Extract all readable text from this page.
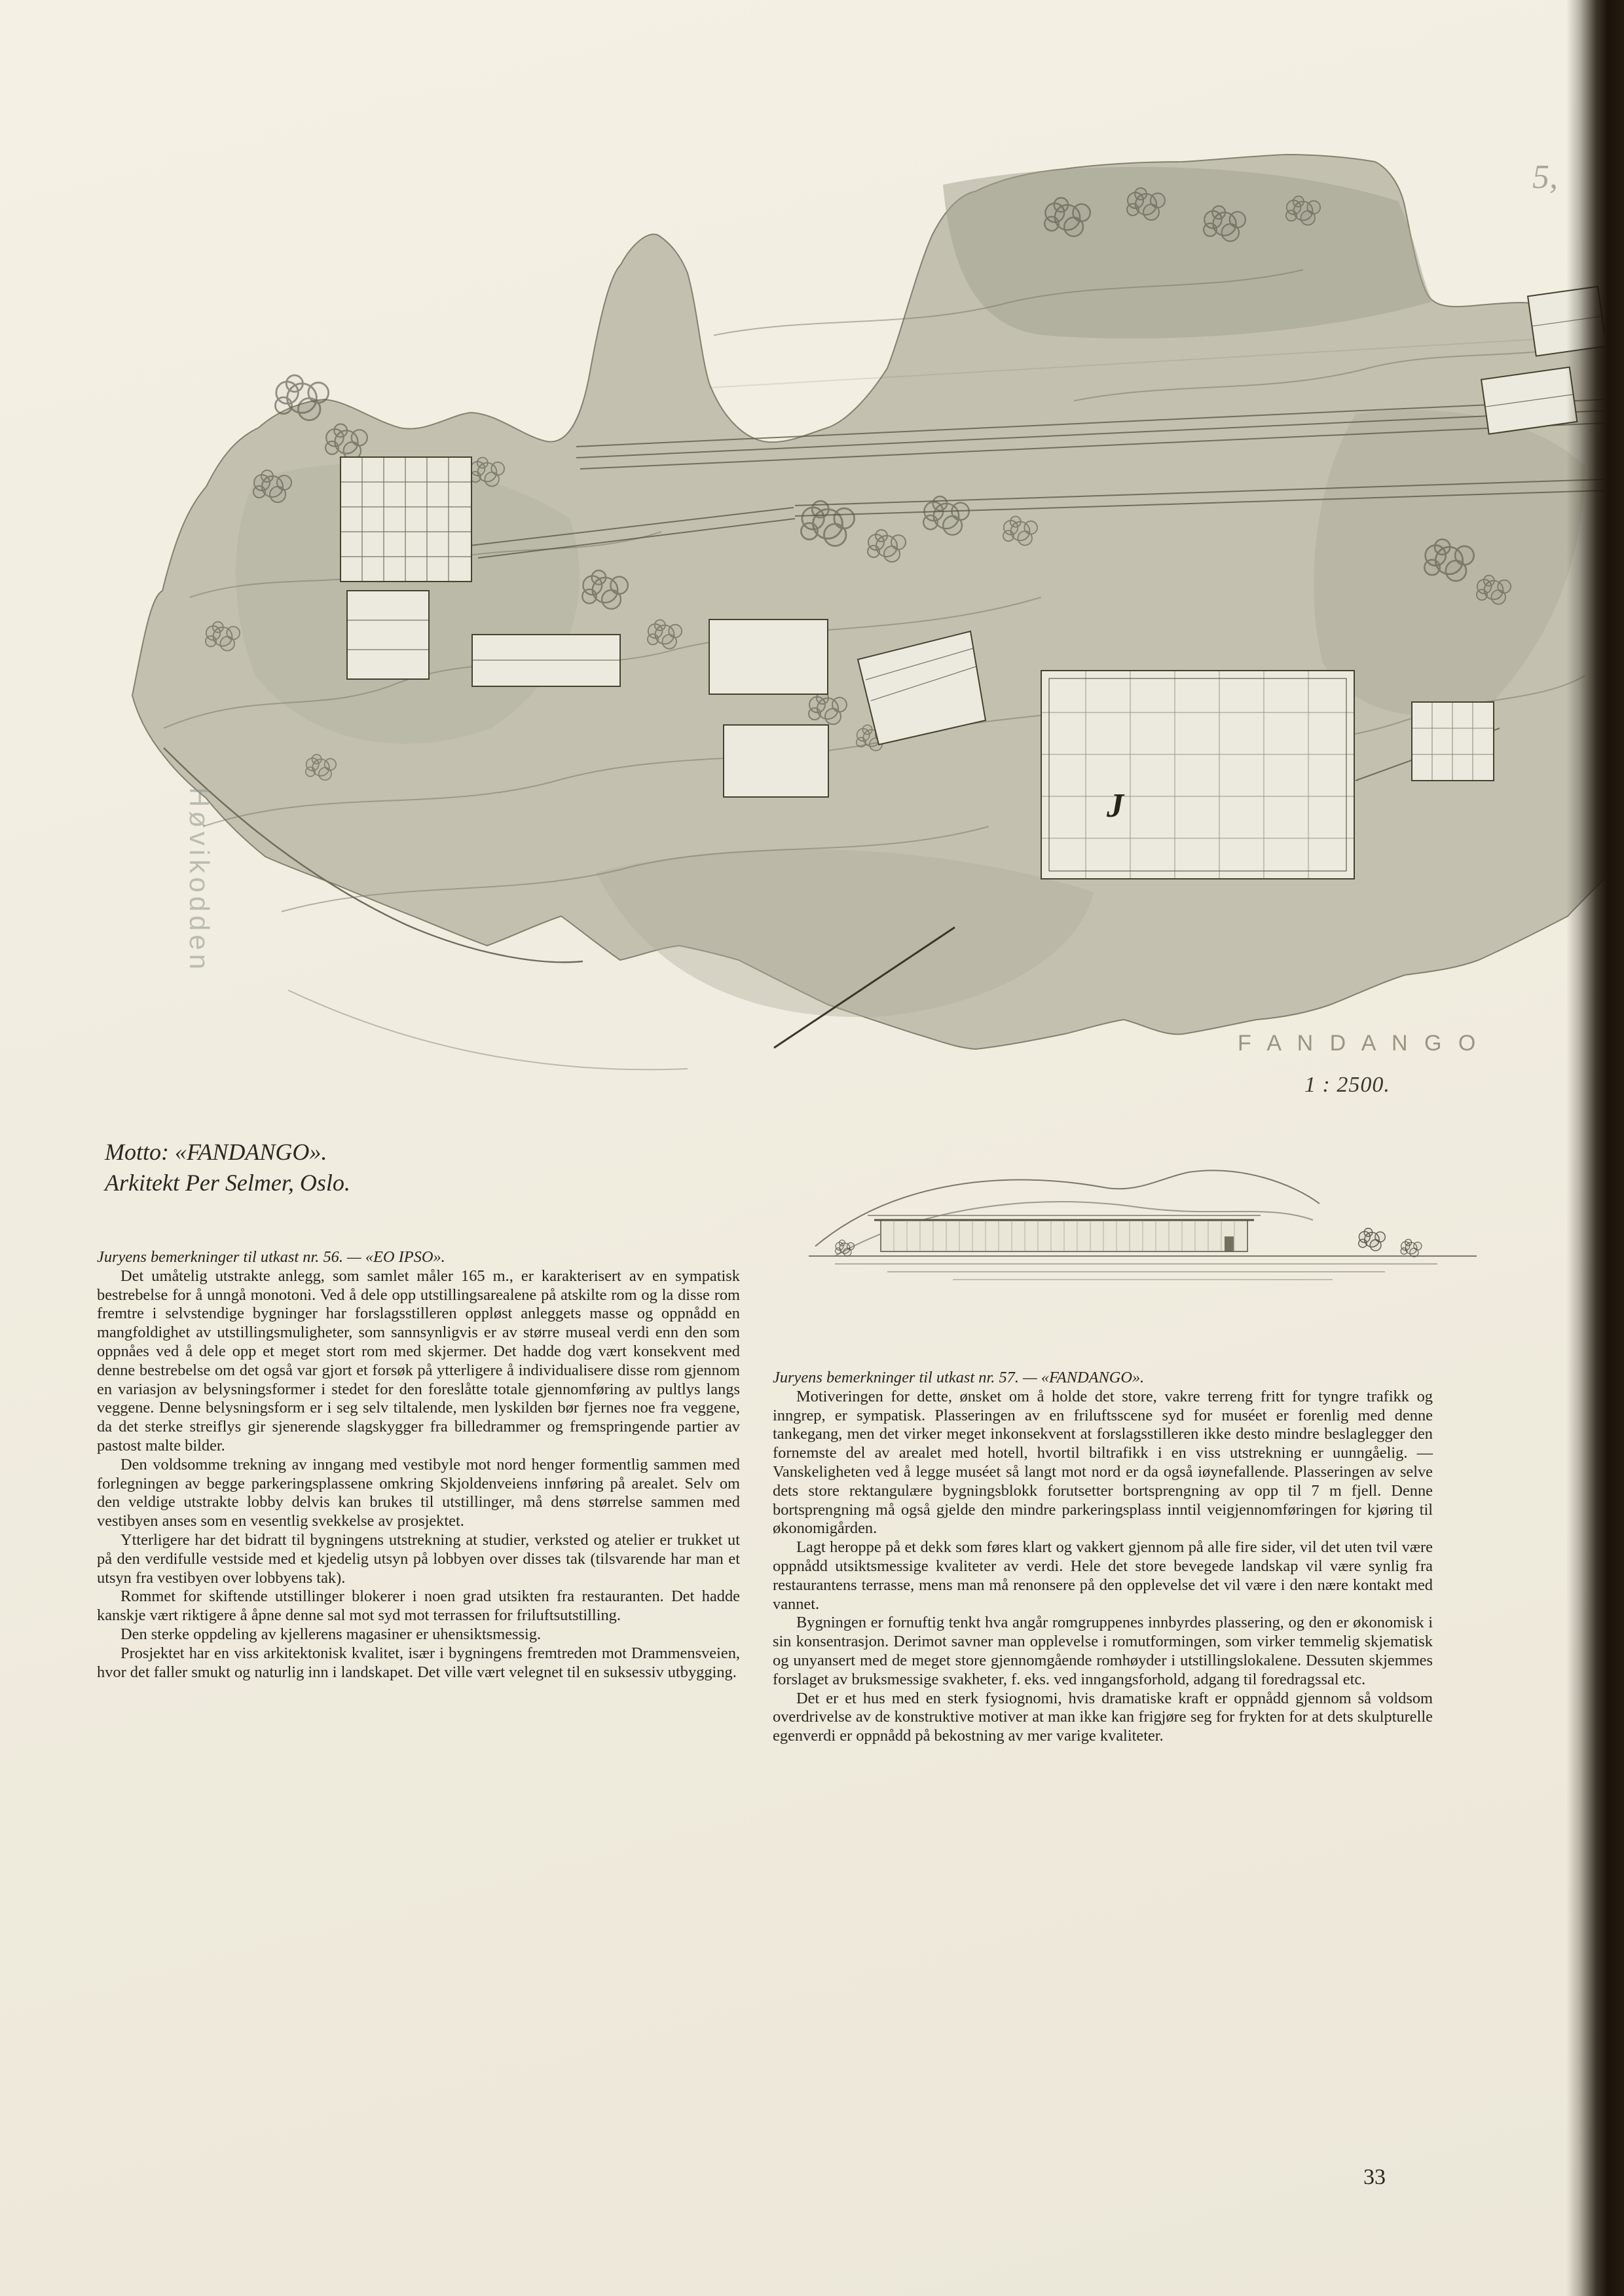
J
F A N D A N G O
Høvikodden
5,
1 : 2500.
Motto: «FANDANGO».
Arkitekt Per Selmer, Oslo.

Juryens bemerkninger til utkast nr. 56. — «EO IPSO».

Det umåtelig utstrakte anlegg, som samlet måler 165 m., er karakterisert av en sympatisk bestrebelse for å unngå monotoni. Ved å dele opp utstillingsarealene på atskilte rom og la disse rom fremtre i selvstendige bygninger har forslagsstilleren oppløst anleggets masse og oppnådd en mangfoldighet av utstillingsmuligheter, som sannsynligvis er av større museal verdi enn den som oppnåes ved å dele opp et meget stort rom med skjermer. Det hadde dog vært konsekvent med denne bestrebelse om det også var gjort et forsøk på ytterligere å individualisere disse rom gjennom en variasjon av belysningsformer i stedet for den foreslåtte totale gjennomføring av pultlys langs veggene. Denne belysningsform er i seg selv tiltalende, men lyskilden bør fjernes noe fra veggene, da det sterke streiflys gir sjenerende slagskygger fra billedrammer og fremspringende partier av pastost malte bilder.

Den voldsomme trekning av inngang med vestibyle mot nord henger formentlig sammen med forlegningen av begge parkeringsplassene omkring Skjoldenveiens innføring på arealet. Selv om den veldige utstrakte lobby delvis kan brukes til utstillinger, må dens størrelse sammen med vestibyen anses som en vesentlig svekkelse av prosjektet.

Ytterligere har det bidratt til bygningens utstrekning at studier, verksted og atelier er trukket ut på den verdifulle vestside med et kjedelig utsyn på lobbyen over disses tak (tilsvarende har man et utsyn fra vestibyen over lobbyens tak).

Rommet for skiftende utstillinger blokerer i noen grad utsikten fra restauranten. Det hadde kanskje vært riktigere å åpne denne sal mot syd mot terrassen for friluftsutstilling.

Den sterke oppdeling av kjellerens magasiner er uhensiktsmessig.

Prosjektet har en viss arkitektonisk kvalitet, især i bygningens fremtreden mot Drammensveien, hvor det faller smukt og naturlig inn i landskapet. Det ville vært velegnet til en suksessiv utbygging.

Juryens bemerkninger til utkast nr. 57. — «FANDANGO».

Motiveringen for dette, ønsket om å holde det store, vakre terreng fritt for tyngre trafikk og inngrep, er sympatisk. Plasseringen av en friluftsscene syd for muséet er forenlig med denne tankegang, men det virker meget inkonsekvent at forslagsstilleren ikke desto mindre beslaglegger den fornemste del av arealet med hotell, hvortil biltrafikk i en viss utstrekning er uunngåelig. — Vanskeligheten ved å legge muséet så langt mot nord er da også iøynefallende. Plasseringen av selve dets store rektangulære bygningsblokk forutsetter bortsprengning av opp til 7 m fjell. Denne bortsprengning må også gjelde den mindre parkeringsplass inntil veigjennomføringen for kjøring til økonomigården.

Lagt heroppe på et dekk som føres klart og vakkert gjennom på alle fire sider, vil det uten tvil være oppnådd utsiktsmessige kvaliteter av verdi. Hele det store bevegede landskap vil være synlig fra restaurantens terrasse, mens man må renonsere på den opplevelse det vil være i den nære kontakt med vannet.

Bygningen er fornuftig tenkt hva angår romgruppenes innbyrdes plassering, og den er økonomisk i sin konsentrasjon. Derimot savner man opplevelse i romutformingen, som virker temmelig skjematisk og unyansert med de meget store gjennomgående romhøyder i utstillingslokalene. Dessuten skjemmes forslaget av bruksmessige svakheter, f. eks. ved inngangsforhold, adgang til foredragssal etc.

Det er et hus med en sterk fysiognomi, hvis dramatiske kraft er oppnådd gjennom så voldsom overdrivelse av de konstruktive motiver at man ikke kan frigjøre seg for frykten for at dets skulpturelle egenverdi er oppnådd på bekostning av mer varige kvaliteter.

33
